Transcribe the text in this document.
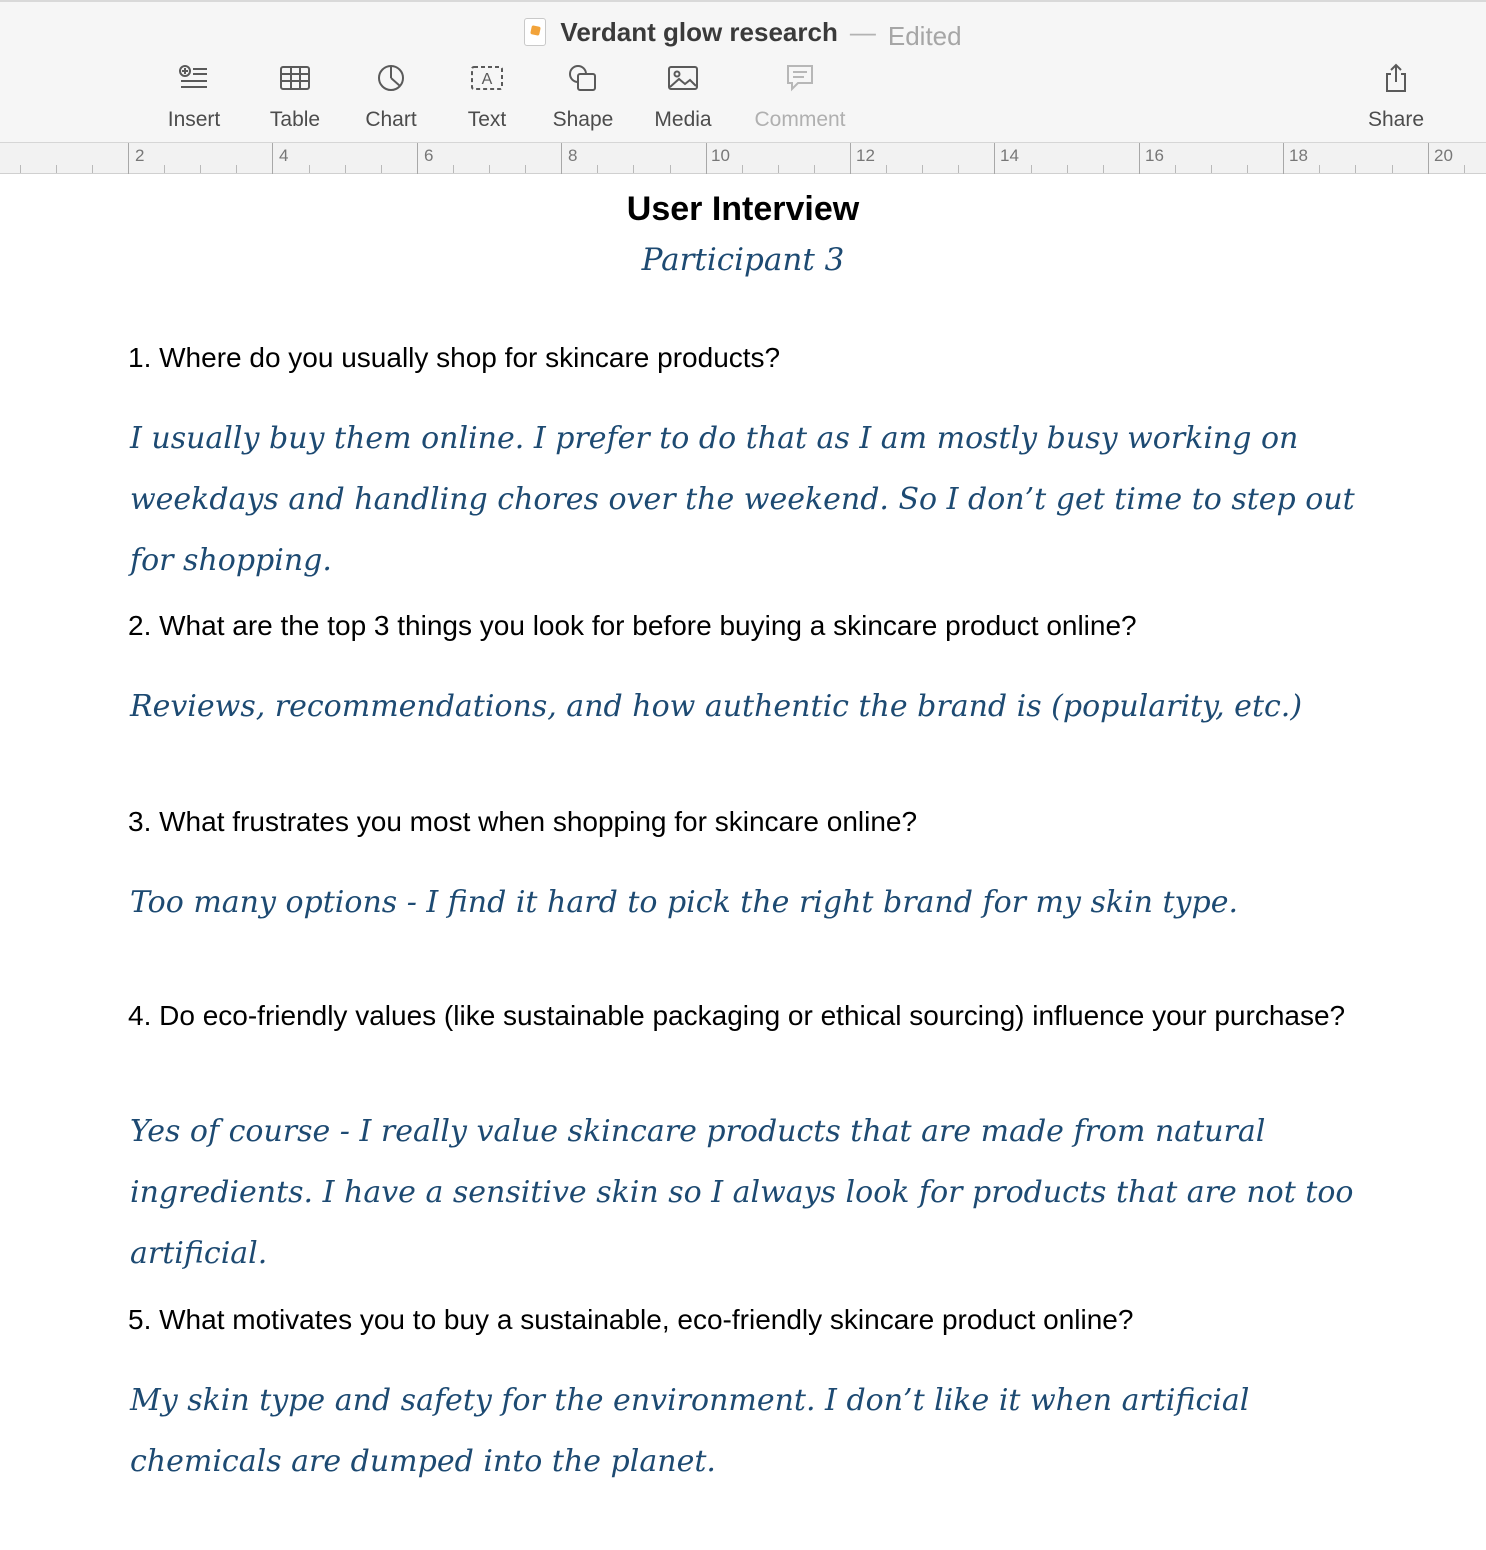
Verdant glow research — Edited
Insert Table Chart
A
Text Shape Media Comment	Share
2	4	6	8	10	12	14	16	18	20
User Interview
Participant 3
1. Where do you usually shop for skincare products?
I usually buy them online. I prefer to do that as I am mostly busy working on weekdays and handling chores over the weekend. So I don’t get time to step out for shopping.
2. What are the top 3 things you look for before buying a skincare product online?
Reviews, recommendations, and how authentic the brand is (popularity, etc.)
3. What frustrates you most when shopping for skincare online?
Too many options - I find it hard to pick the right brand for my skin type.
4. Do eco-friendly values (like sustainable packaging or ethical sourcing) influence your purchase?
Yes of course - I really value skincare products that are made from natural ingredients. I have a sensitive skin so I always look for products that are not too artificial.
5. What motivates you to buy a sustainable, eco-friendly skincare product online?
My skin type and safety for the environment. I don’t like it when artificial chemicals are dumped into the planet.
